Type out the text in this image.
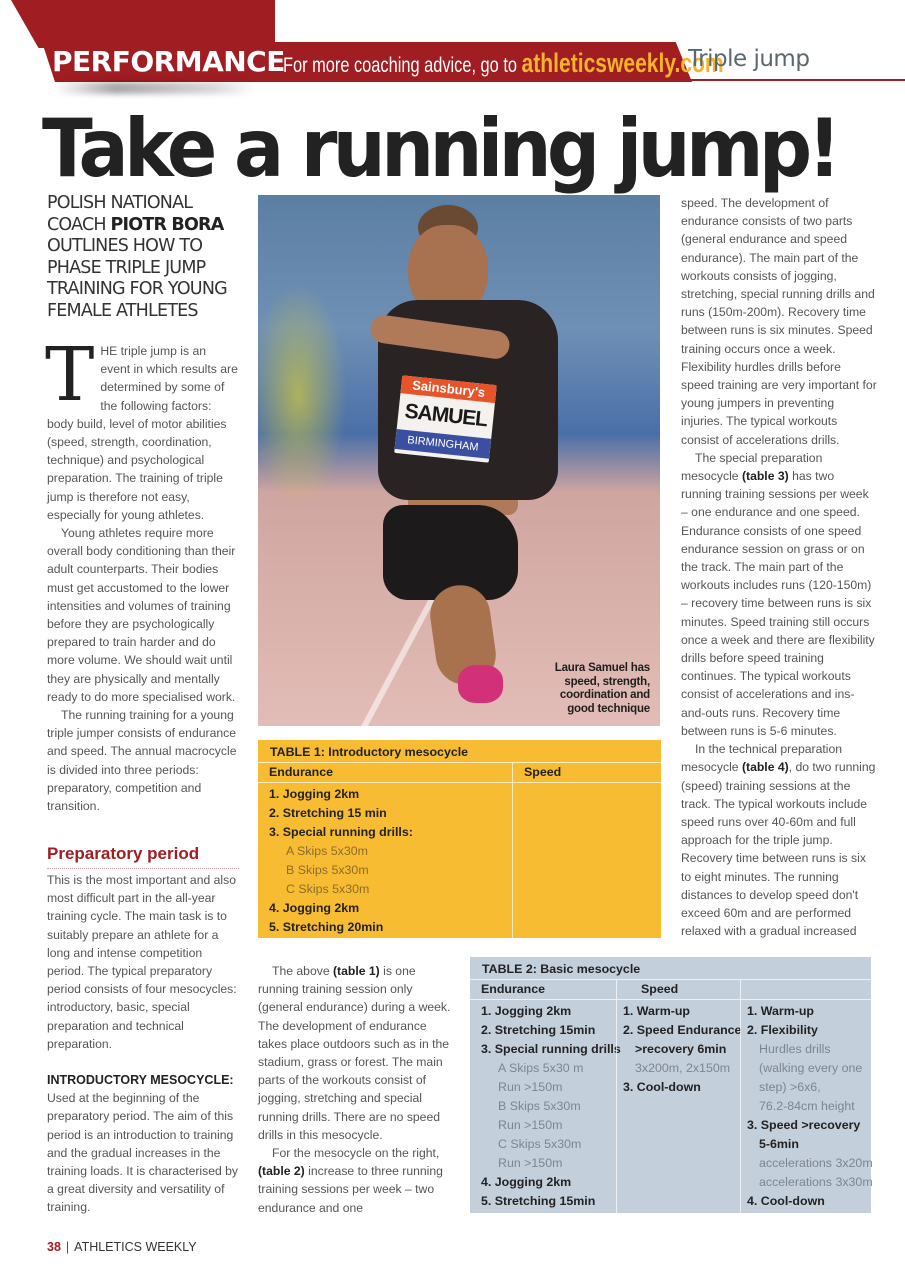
PERFORMANCE
For more coaching advice, go to athleticsweekly.com
Triple jump
Take a running jump!
POLISH NATIONAL COACH PIOTR BORA OUTLINES HOW TO PHASE TRIPLE JUMP TRAINING FOR YOUNG FEMALE ATHLETES
T HE triple jump is an event in which results are determined by some of the following factors: body build, level of motor abilities (speed, strength, coordination, technique) and psychological preparation. The training of triple jump is therefore not easy, especially for young athletes.

Young athletes require more overall body conditioning than their adult counterparts. Their bodies must get accustomed to the lower intensities and volumes of training before they are psychologically prepared to train harder and do more volume. We should wait until they are physically and mentally ready to do more specialised work.

The running training for a young triple jumper consists of endurance and speed. The annual macrocycle is divided into three periods: preparatory, competition and transition.

Preparatory period

This is the most important and also most difficult part in the all-year training cycle. The main task is to suitably prepare an athlete for a long and intense competition period. The typical preparatory period consists of four mesocycles: introductory, basic, special preparation and technical preparation.

INTRODUCTORY MESOCYCLE:

Used at the beginning of the preparatory period. The aim of this period is an introduction to training and the gradual increases in the training loads. It is characterised by a great diversity and versatility of training.

38 | ATHLETICS WEEKLY
Sainsbury's
SAMUEL
BIRMINGHAM
Laura Samuel has speed, strength, coordination and good technique
TABLE 1: Introductory mesocycle
Endurance	Speed
1. Jogging 2km
2. Stretching 15 min
3. Special running drills:
A Skips 5x30m
B Skips 5x30m
C Skips 5x30m
4. Jogging 2km
5. Stretching 20min

The above (table 1) is one running training session only (general endurance) during a week. The development of endurance takes place outdoors such as in the stadium, grass or forest. The main parts of the workouts consist of jogging, stretching and special running drills. There are no speed drills in this mesocycle.

For the mesocycle on the right, (table 2) increase to three running training sessions per week – two endurance and one

speed. The development of endurance consists of two parts (general endurance and speed endurance). The main part of the workouts consists of jogging, stretching, special running drills and runs (150m-200m). Recovery time between runs is six minutes. Speed training occurs once a week. Flexibility hurdles drills before speed training are very important for young jumpers in preventing injuries. The typical workouts consist of accelerations drills.

The special preparation mesocycle (table 3) has two running training sessions per week – one endurance and one speed. Endurance consists of one speed endurance session on grass or on the track. The main part of the workouts includes runs (120-150m) – recovery time between runs is six minutes. Speed training still occurs once a week and there are flexibility drills before speed training continues. The typical workouts consist of accelerations and ins-and-outs runs. Recovery time between runs is 5-6 minutes.

In the technical preparation mesocycle (table 4), do two running (speed) training sessions at the track. The typical workouts include speed runs over 40-60m and full approach for the triple jump. Recovery time between runs is six to eight minutes. The running distances to develop speed don't exceed 60m and are performed relaxed with a gradual increased

TABLE 2: Basic mesocycle
Endurance	Speed
1. Jogging 2km
2. Stretching 15min
3. Special running drills
A Skips 5x30 m
Run >150m
B Skips 5x30m
Run >150m
C Skips 5x30m
Run >150m
4. Jogging 2km
5. Stretching 15min
1. Warm-up
2. Speed Endurance
>recovery 6min
3x200m, 2x150m
3. Cool-down
1. Warm-up
2. Flexibility
Hurdles drills
(walking every one
step) >6x6,
76.2-84cm height
3. Speed >recovery
5-6min
accelerations 3x20m
accelerations 3x30m
4. Cool-down
